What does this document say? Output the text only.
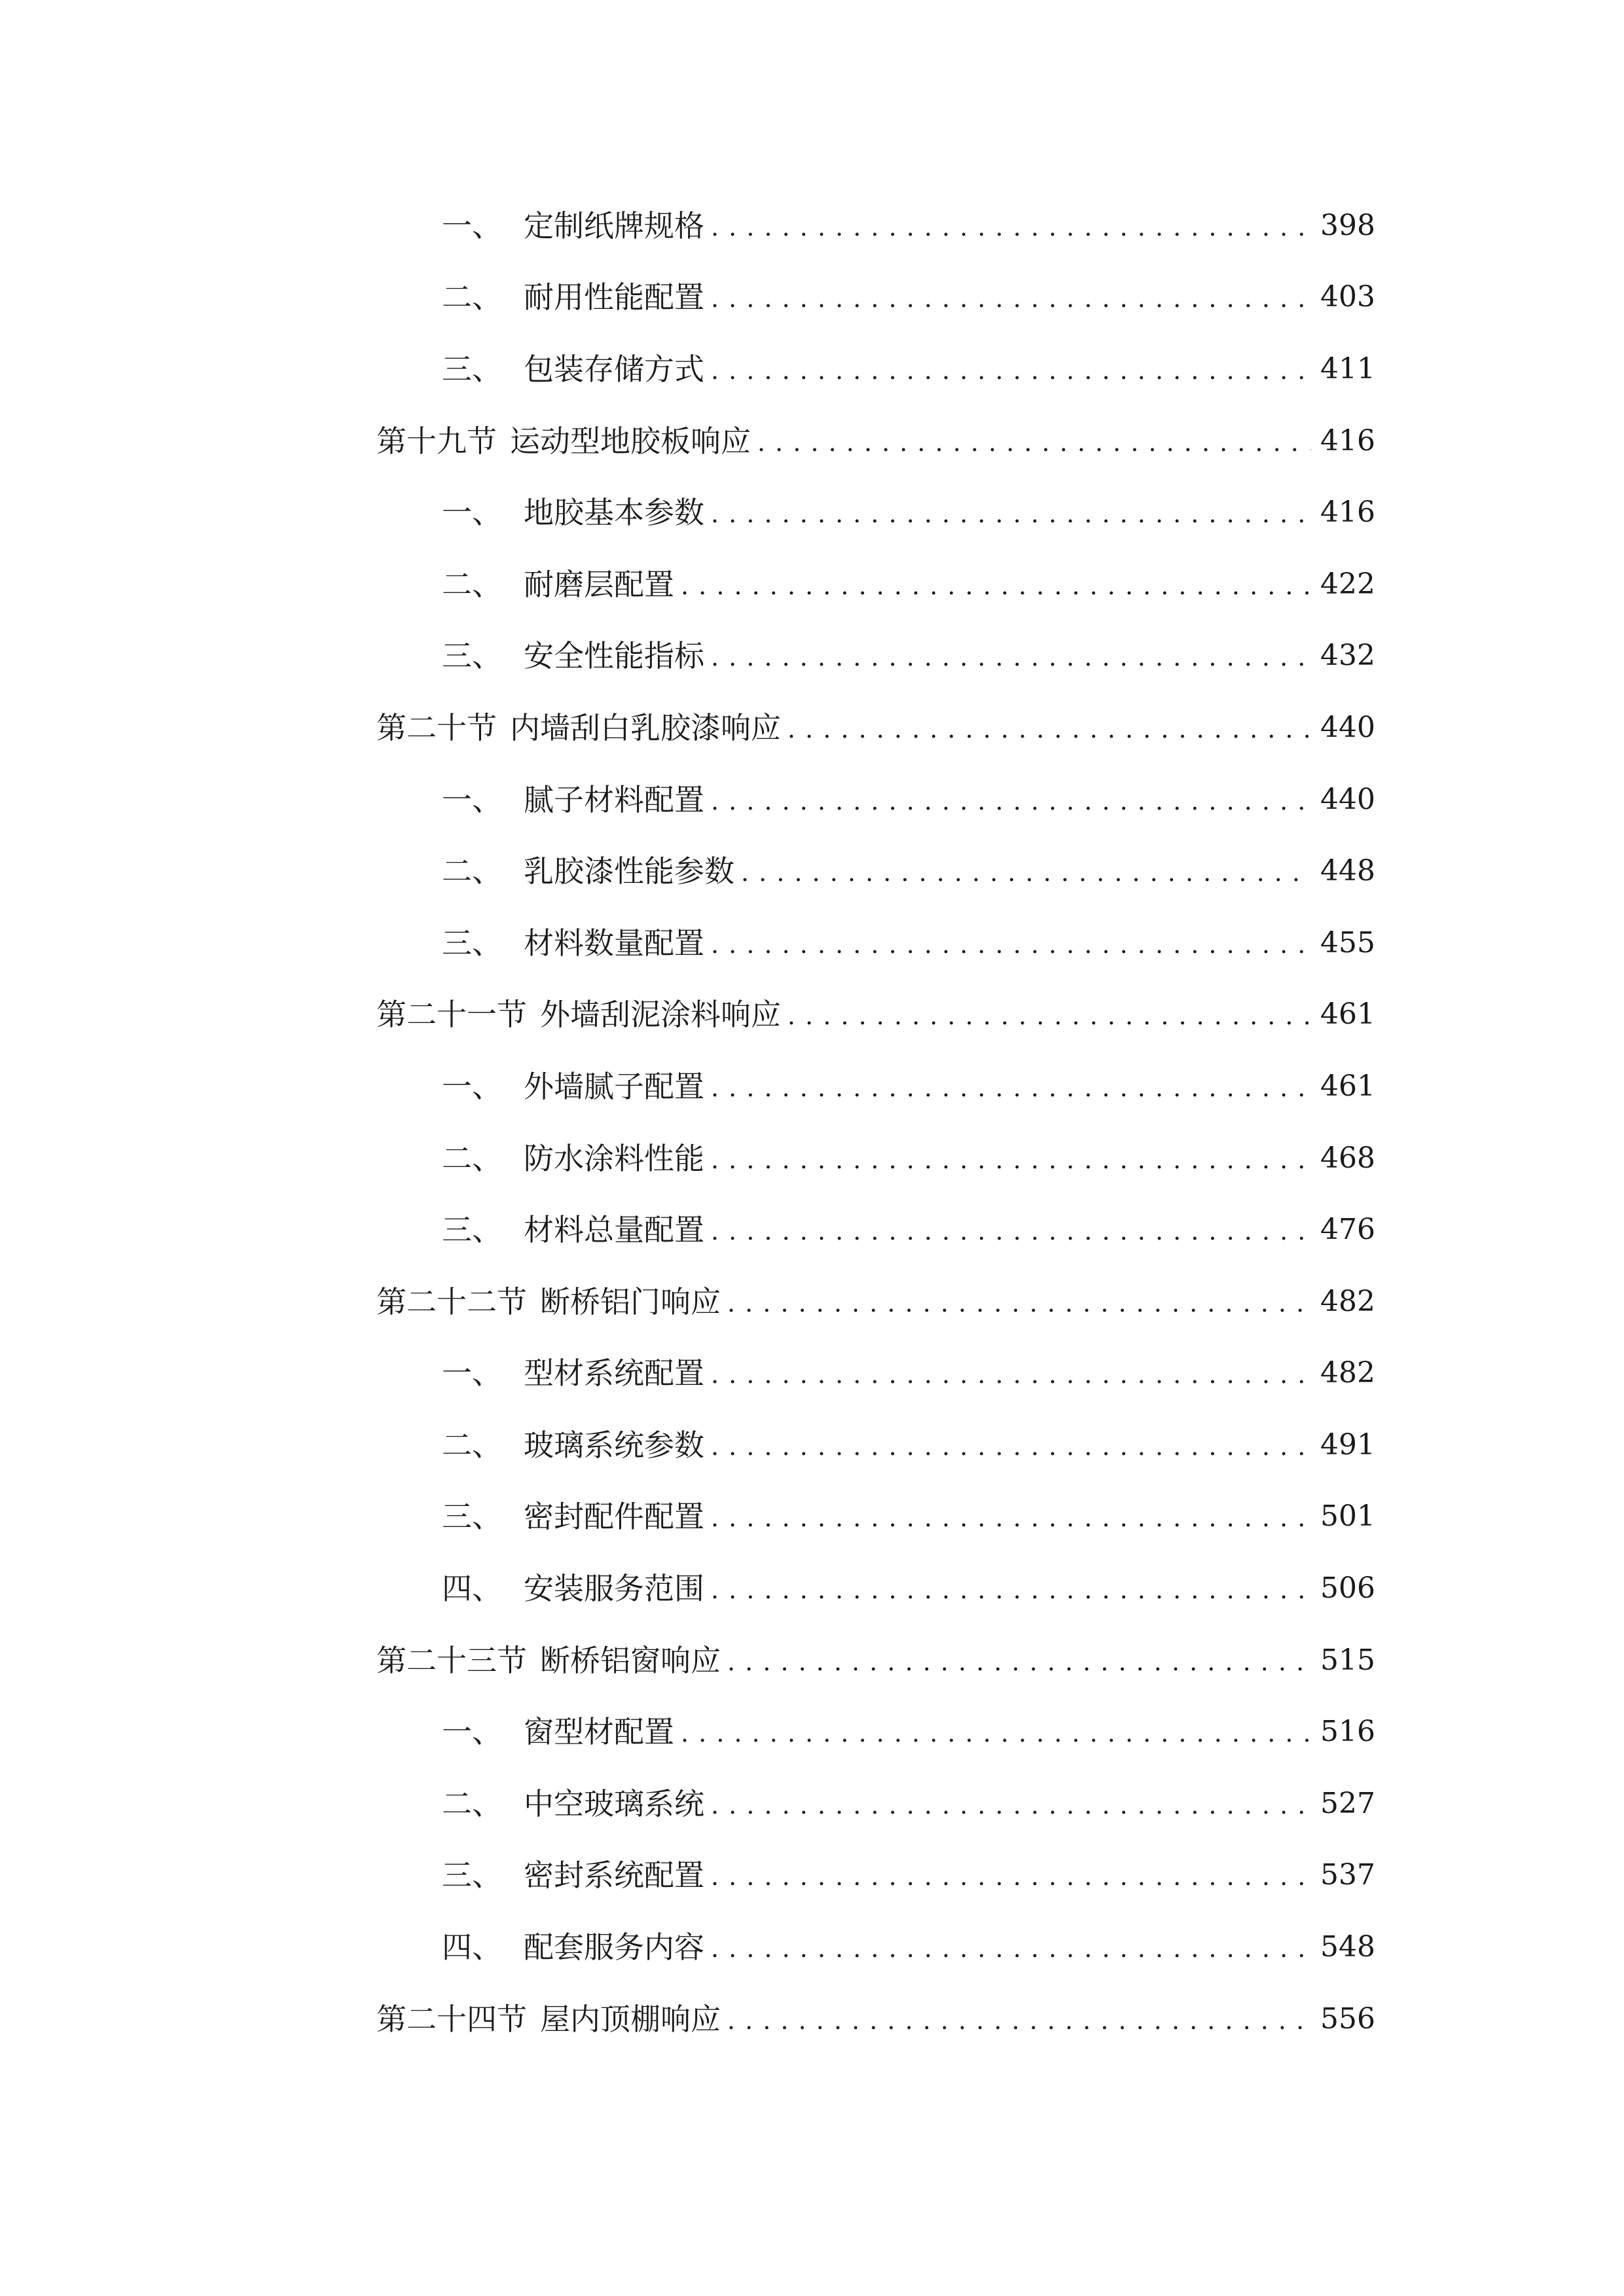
一、 定制纸牌规格 . . .	398
二、 耐用性能配置 . . .	403
三、 包装存储方式 . . .	411
第十九节 运动型地胶板响应 . . .	416
一、 地胶基本参数 . . .	416
二、 耐磨层配置 . . .	422
三、 安全性能指标 . . .	432
第二十节 内墙刮白乳胶漆响应 . . .	440
一、 腻子材料配置 . . .	440
二、 乳胶漆性能参数 . . .	448
三、 材料数量配置 . . .	455
第二十一节 外墙刮泥涂料响应 . . .	461
一、 外墙腻子配置 . . .	461
二、 防水涂料性能 . . .	468
三、 材料总量配置 . . .	476
第二十二节 断桥铝门响应 . . .	482
一、 型材系统配置 . . .	482
二、 玻璃系统参数 . . .	491
三、 密封配件配置 . . .	501
四、 安装服务范围 . . .	506
第二十三节 断桥铝窗响应 . . .	515
一、 窗型材配置 . . .	516
二、 中空玻璃系统 . . .	527
三、 密封系统配置 . . .	537
四、 配套服务内容 . . .	548
第二十四节 屋内顶棚响应 . . .	556
